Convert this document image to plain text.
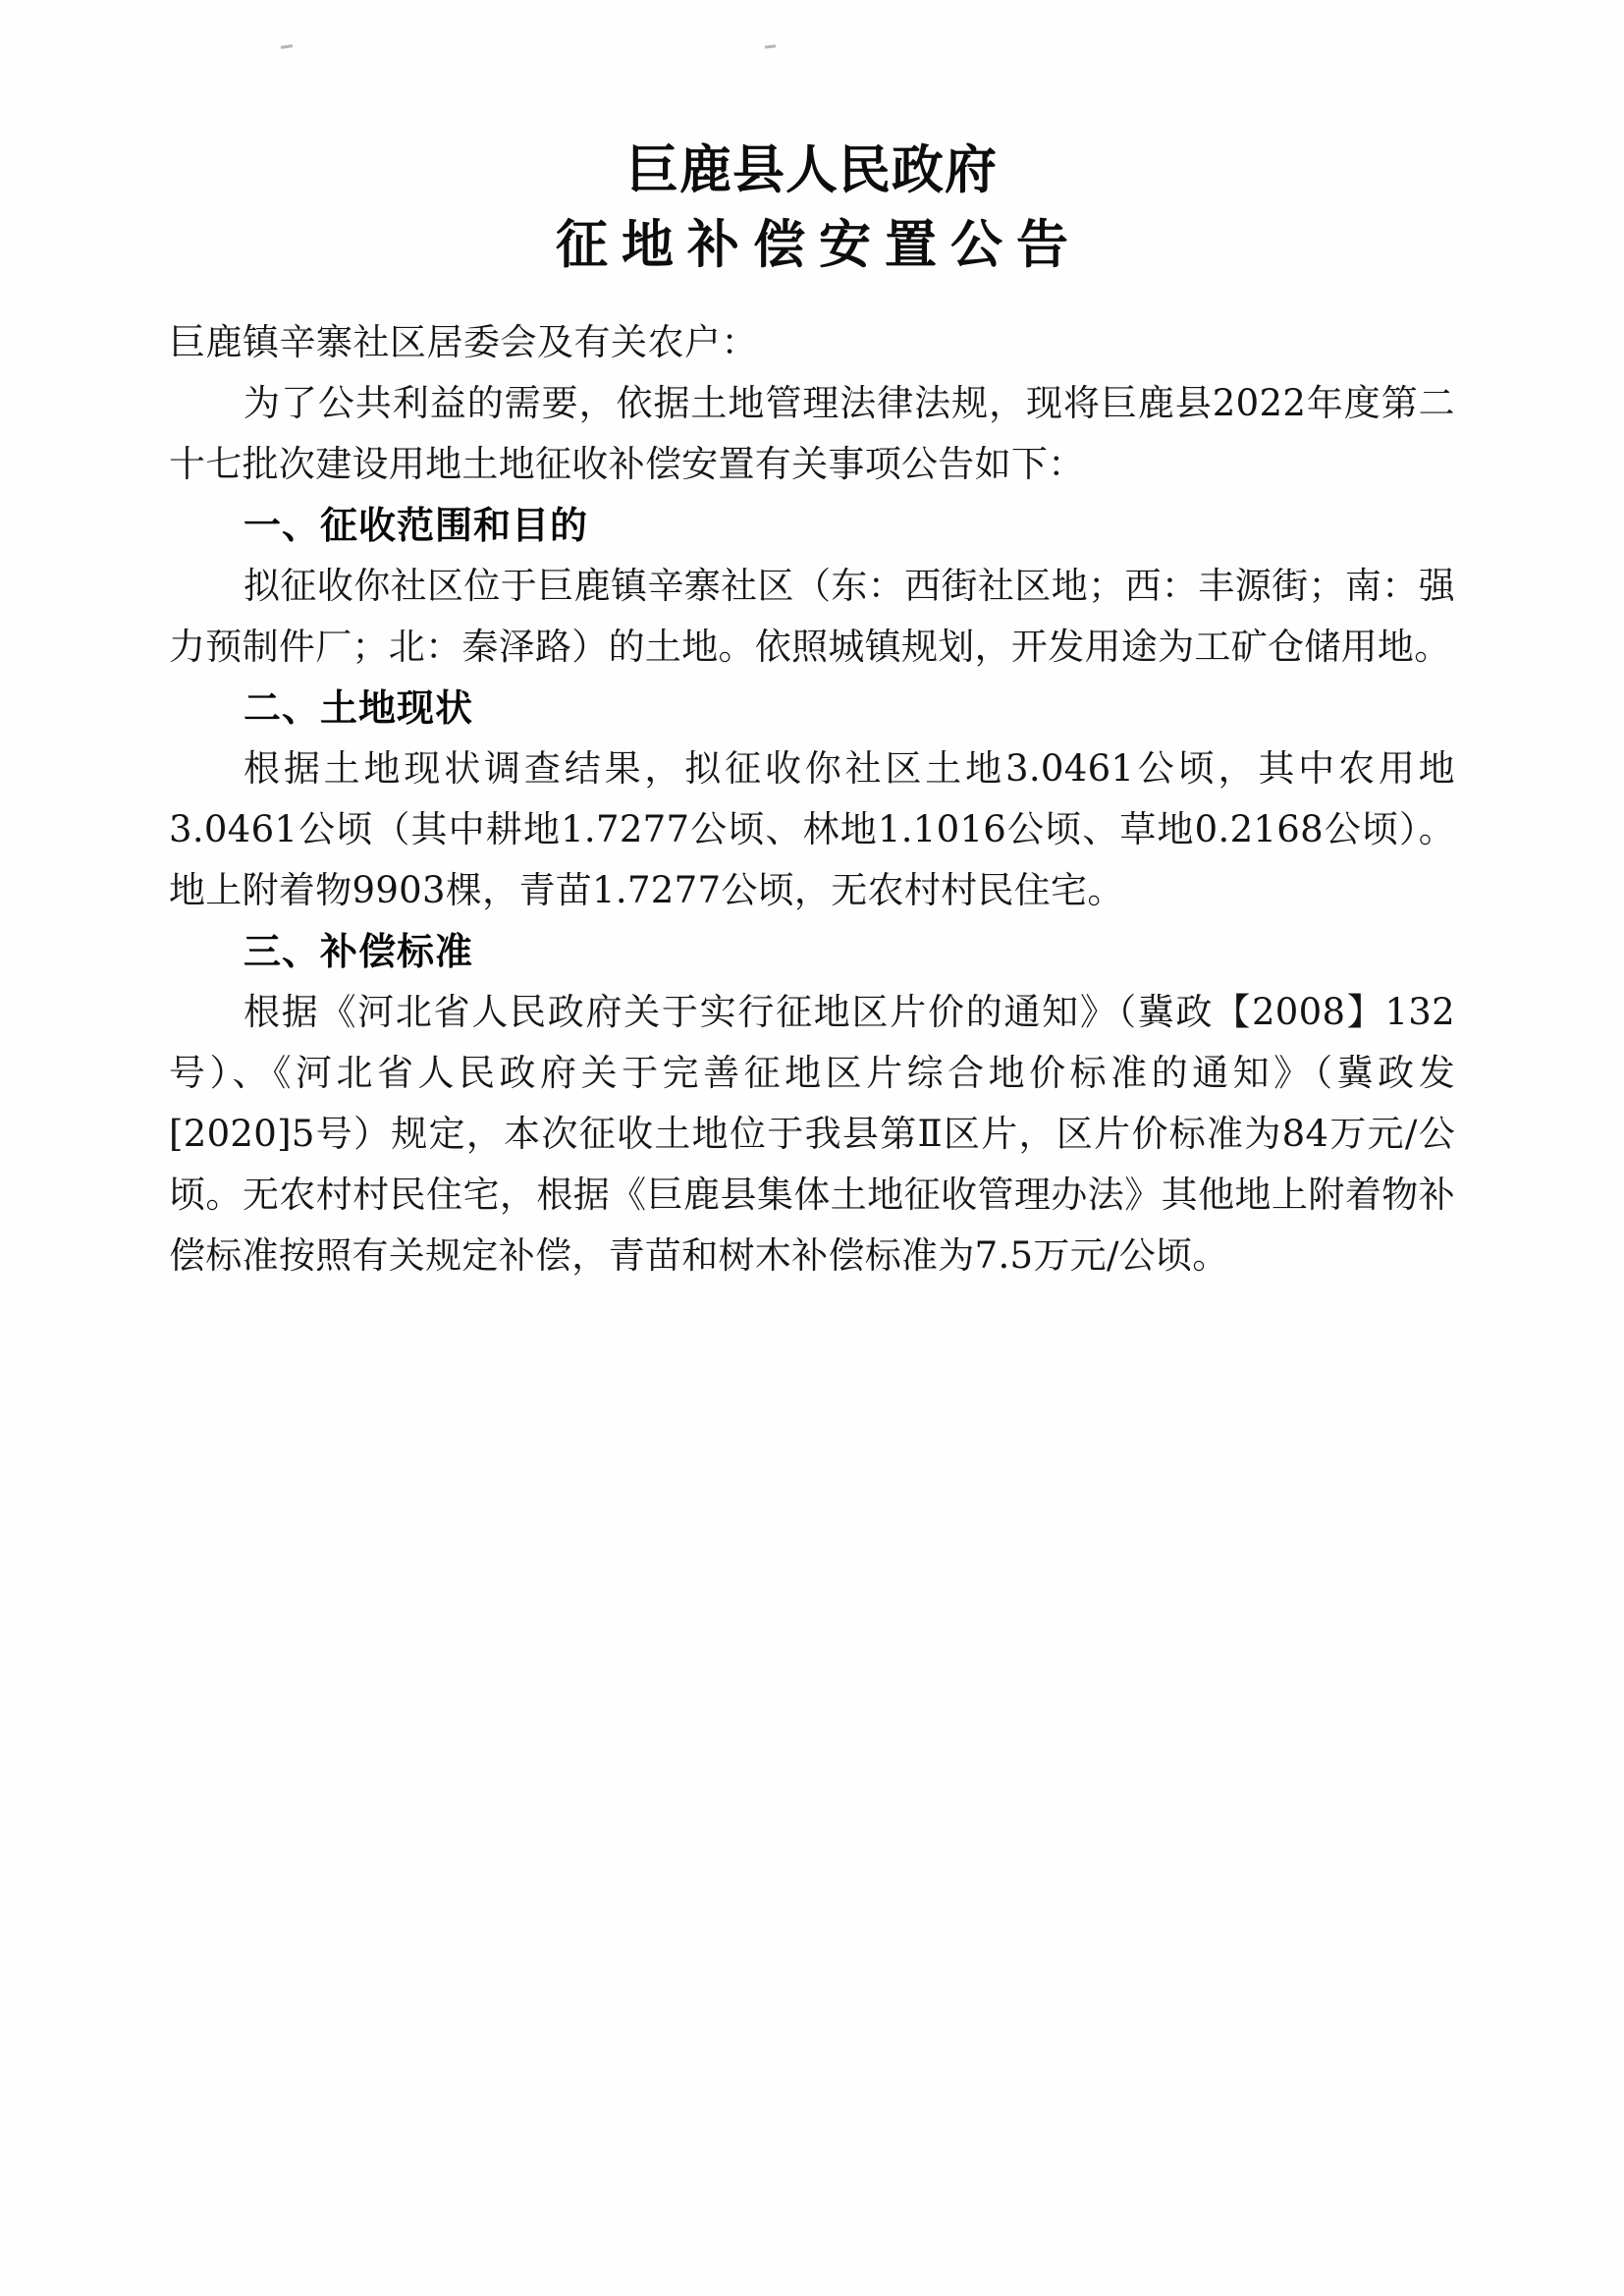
巨鹿县人民政府
征地补偿安置公告
巨鹿镇辛寨社区居委会及有关农户：

为了公共利益的需要，依据土地管理法律法规，现将巨鹿县2022年度第二十七批次建设用地土地征收补偿安置有关事项公告如下：

一、征收范围和目的

拟征收你社区位于巨鹿镇辛寨社区（东：西街社区地；西：丰源街；南：强力预制件厂；北：秦泽路）的土地。依照城镇规划，开发用途为工矿仓储用地。

二、土地现状

根据土地现状调查结果，拟征收你社区土地3.0461公顷，其中农用地3.0461公顷（其中耕地1.7277公顷、林地1.1016公顷、草地0.2168公顷）。地上附着物9903棵，青苗1.7277公顷，无农村村民住宅。

三、补偿标准

根据《河北省人民政府关于实行征地区片价的通知》（冀政【2008】132号）、《河北省人民政府关于完善征地区片综合地价标准的通知》（冀政发[2020]5号）规定，本次征收土地位于我县第Ⅱ区片，区片价标准为84万元/公顷。无农村村民住宅，根据《巨鹿县集体土地征收管理办法》其他地上附着物补偿标准按照有关规定补偿，青苗和树木补偿标准为7.5万元/公顷。
